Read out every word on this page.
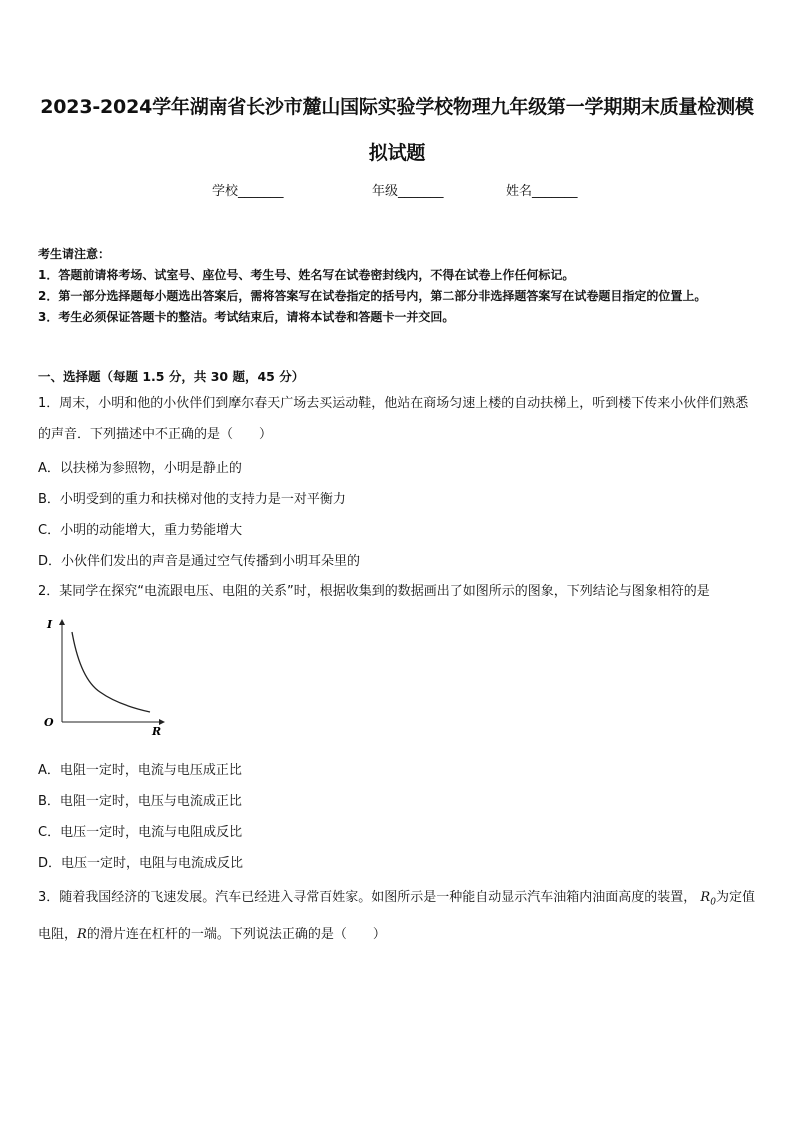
2023-2024学年湖南省长沙市麓山国际实验学校物理九年级第一学期期末质量检测模拟试题
学校_______	年级_______	姓名_______
考生请注意：
1．答题前请将考场、试室号、座位号、考生号、姓名写在试卷密封线内，不得在试卷上作任何标记。
2．第一部分选择题每小题选出答案后，需将答案写在试卷指定的括号内，第二部分非选择题答案写在试卷题目指定的位置上。
3．考生必须保证答题卡的整洁。考试结束后，请将本试卷和答题卡一并交回。
一、选择题（每题 1.5 分，共 30 题，45 分）
1．周末，小明和他的小伙伴们到摩尔春天广场去买运动鞋，他站在商场匀速上楼的自动扶梯上，听到楼下传来小伙伴们熟悉的声音．下列描述中不正确的是（　　）
A．以扶梯为参照物，小明是静止的
B．小明受到的重力和扶梯对他的支持力是一对平衡力
C．小明的动能增大，重力势能增大
D．小伙伴们发出的声音是通过空气传播到小明耳朵里的
2．某同学在探究“电流跟电压、电阻的关系”时，根据收集到的数据画出了如图所示的图象，下列结论与图象相符的是
I
O
R
A．电阻一定时，电流与电压成正比
B．电阻一定时，电压与电流成正比
C．电压一定时，电流与电阻成反比
D．电压一定时，电阻与电流成反比
3．随着我国经济的飞速发展。汽车已经进入寻常百姓家。如图所示是一种能自动显示汽车油箱内油面高度的装置， $R_0$为定值电阻，R的滑片连在杠杆的一端。下列说法正确的是（　　）
